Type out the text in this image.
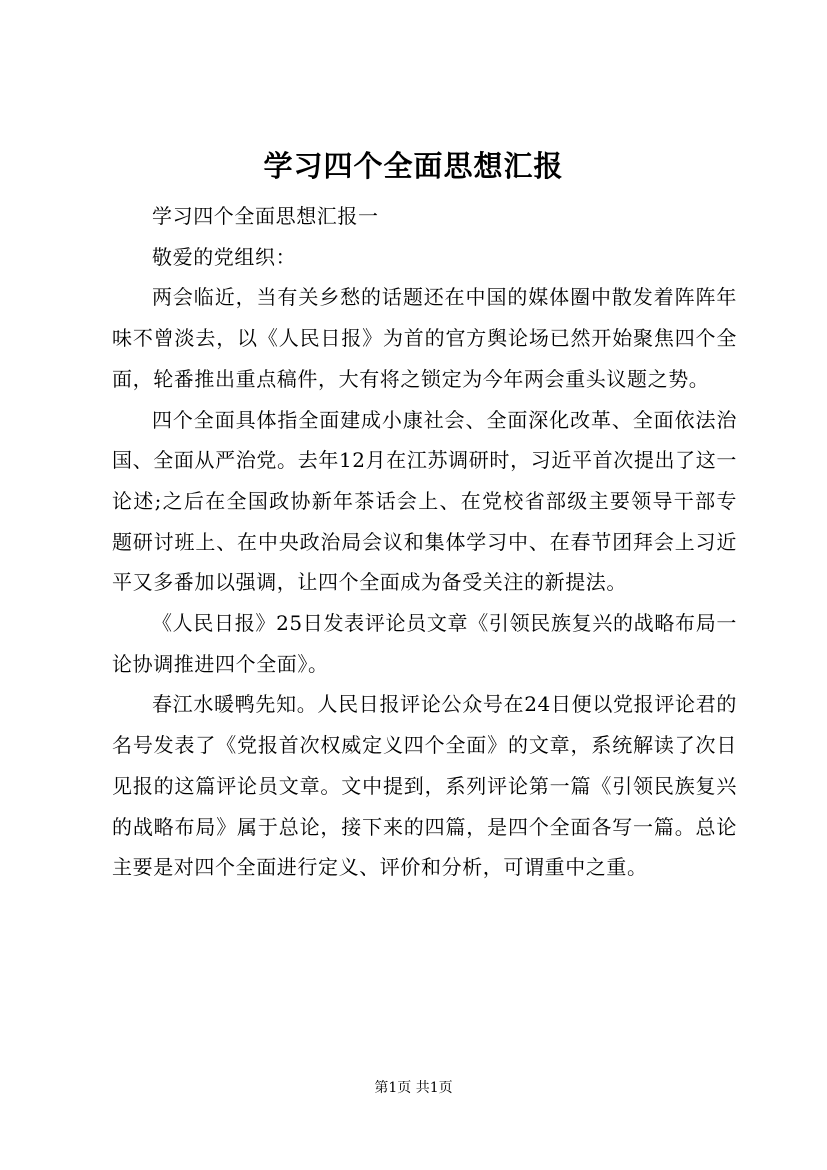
学习四个全面思想汇报

学习四个全面思想汇报一

敬爱的党组织：

两会临近，当有关乡愁的话题还在中国的媒体圈中散发着阵阵年味不曾淡去，以《人民日报》为首的官方舆论场已然开始聚焦四个全面，轮番推出重点稿件，大有将之锁定为今年两会重头议题之势。

四个全面具体指全面建成小康社会、全面深化改革、全面依法治国、全面从严治党。去年12月在江苏调研时，习近平首次提出了这一论述;之后在全国政协新年茶话会上、在党校省部级主要领导干部专题研讨班上、在中央政治局会议和集体学习中、在春节团拜会上习近平又多番加以强调，让四个全面成为备受关注的新提法。

《人民日报》25日发表评论员文章《引领民族复兴的战略布局一论协调推进四个全面》。

春江水暖鸭先知。人民日报评论公众号在24日便以党报评论君的名号发表了《党报首次权威定义四个全面》的文章，系统解读了次日见报的这篇评论员文章。文中提到，系列评论第一篇《引领民族复兴的战略布局》属于总论，接下来的四篇，是四个全面各写一篇。总论主要是对四个全面进行定义、评价和分析，可谓重中之重。

第1页 共1页
